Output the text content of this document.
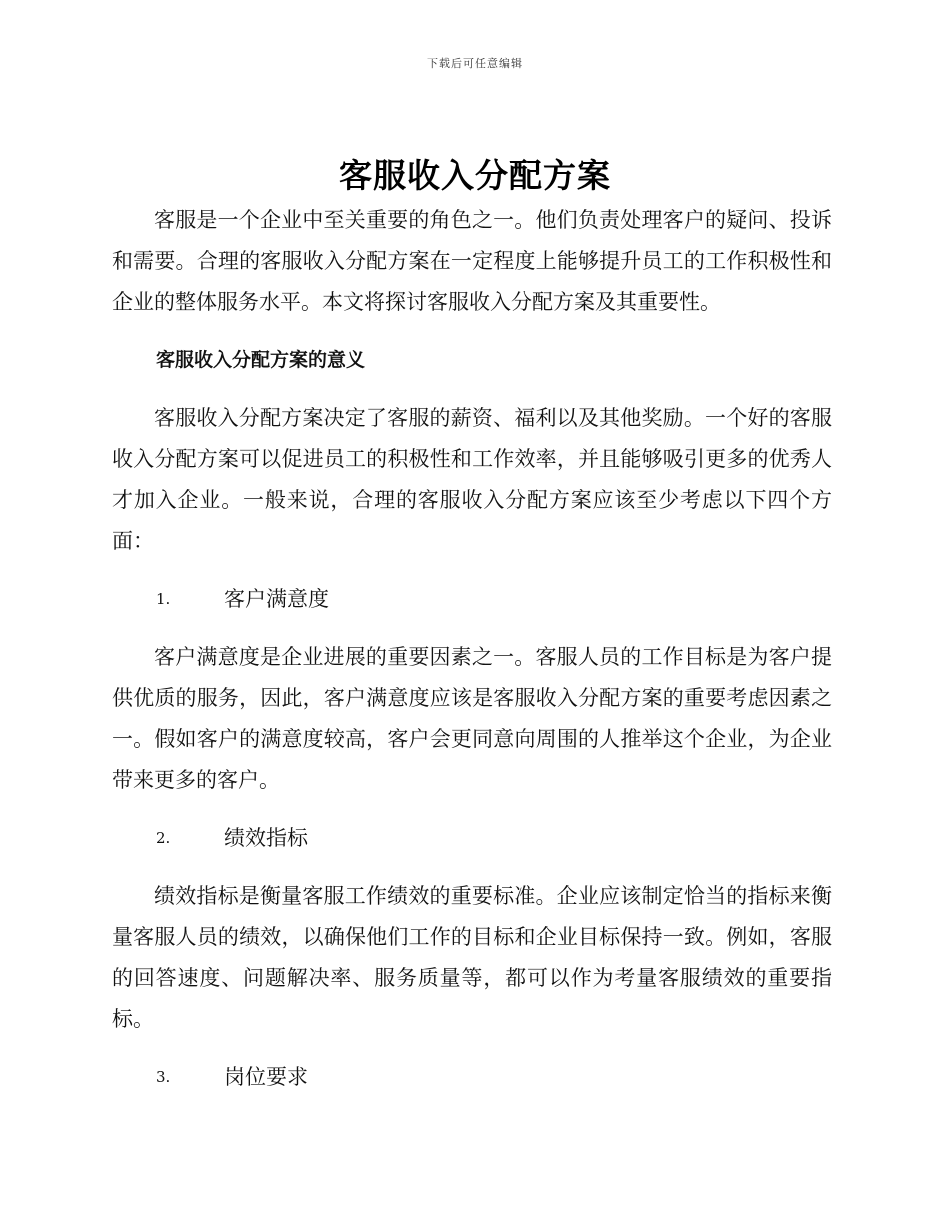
下载后可任意编辑
客服收入分配方案

客服是一个企业中至关重要的角色之一。他们负责处理客户的疑问、投诉和需要。合理的客服收入分配方案在一定程度上能够提升员工的工作积极性和企业的整体服务水平。本文将探讨客服收入分配方案及其重要性。

客服收入分配方案的意义

客服收入分配方案决定了客服的薪资、福利以及其他奖励。一个好的客服收入分配方案可以促进员工的积极性和工作效率，并且能够吸引更多的优秀人才加入企业。一般来说，合理的客服收入分配方案应该至少考虑以下四个方面：

1.	客户满意度

客户满意度是企业进展的重要因素之一。客服人员的工作目标是为客户提供优质的服务，因此，客户满意度应该是客服收入分配方案的重要考虑因素之一。假如客户的满意度较高，客户会更同意向周围的人推举这个企业，为企业带来更多的客户。

2.	绩效指标

绩效指标是衡量客服工作绩效的重要标准。企业应该制定恰当的指标来衡量客服人员的绩效，以确保他们工作的目标和企业目标保持一致。例如，客服的回答速度、问题解决率、服务质量等，都可以作为考量客服绩效的重要指标。

3.	岗位要求
